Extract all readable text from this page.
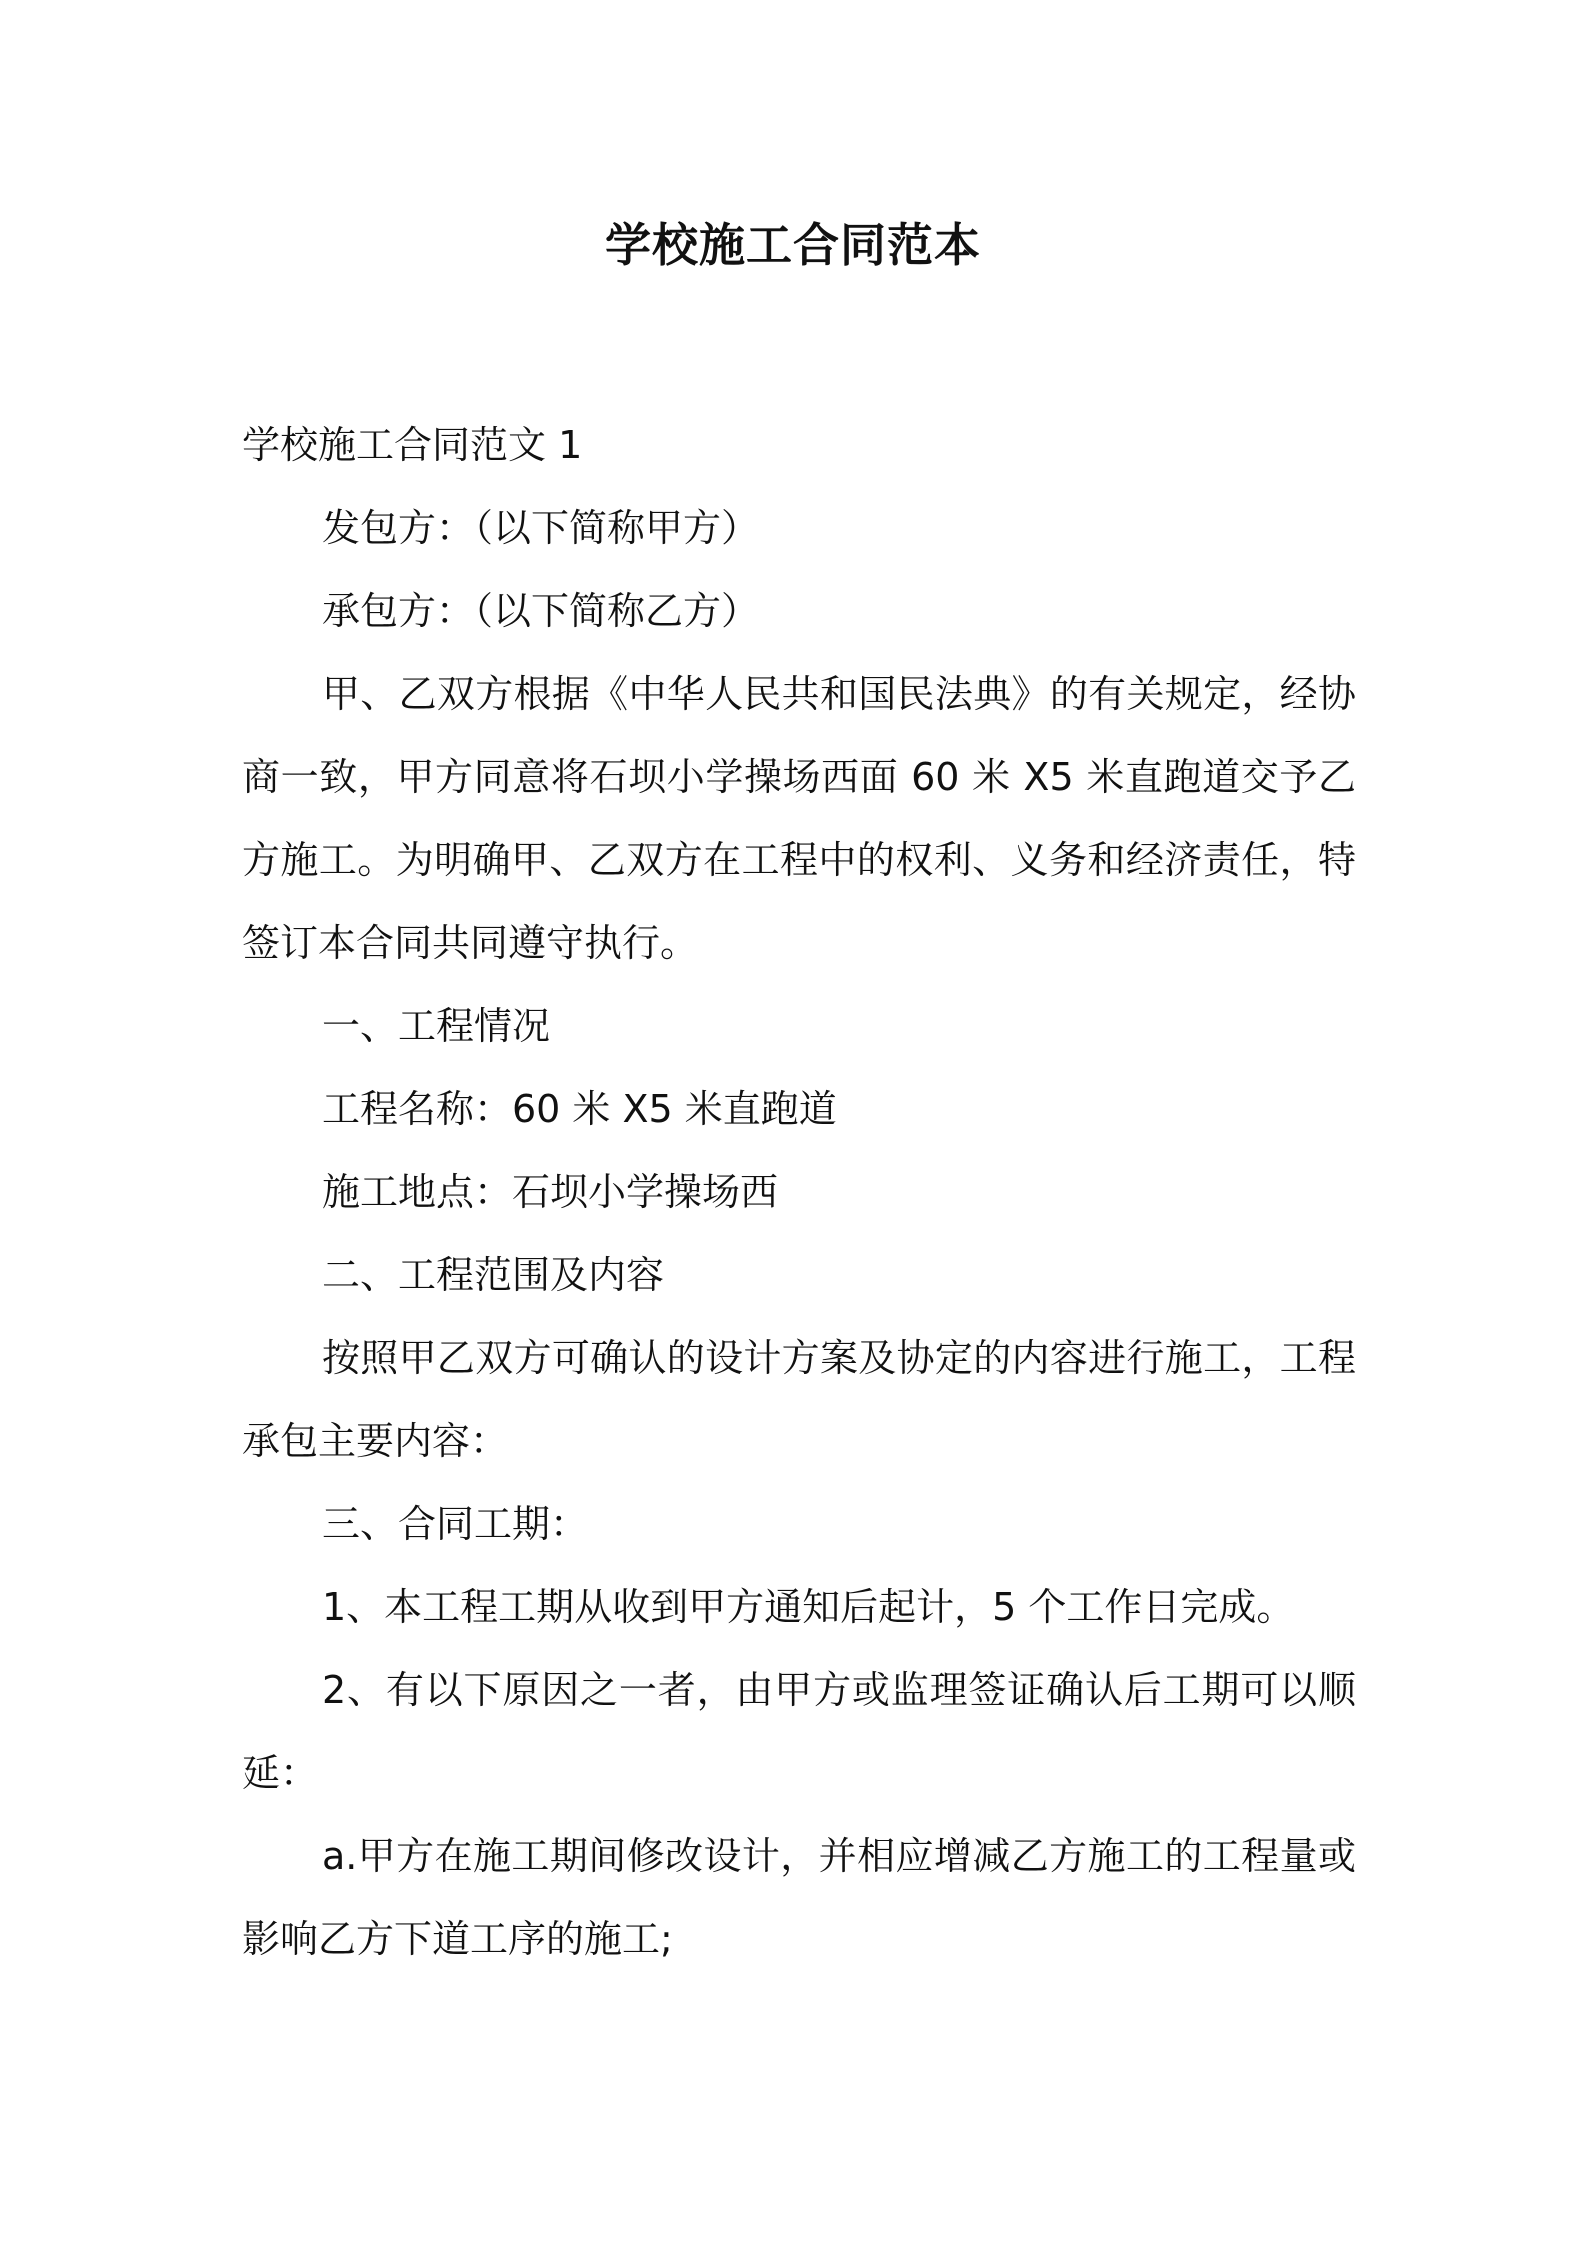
学校施工合同范本

学校施工合同范文 1

发包方：（以下简称甲方）

承包方：（以下简称乙方）

甲、乙双方根据《中华人民共和国民法典》的有关规定，经协商一致，甲方同意将石坝小学操场西面 60 米 X5 米直跑道交予乙方施工。为明确甲、乙双方在工程中的权利、义务和经济责任，特签订本合同共同遵守执行。

一、工程情况

工程名称：60 米 X5 米直跑道

施工地点：石坝小学操场西

二、工程范围及内容

按照甲乙双方可确认的设计方案及协定的内容进行施工，工程承包主要内容：

三、合同工期：

1、本工程工期从收到甲方通知后起计，5 个工作日完成。

2、有以下原因之一者，由甲方或监理签证确认后工期可以顺延：

a.甲方在施工期间修改设计，并相应增减乙方施工的工程量或影响乙方下道工序的施工;
